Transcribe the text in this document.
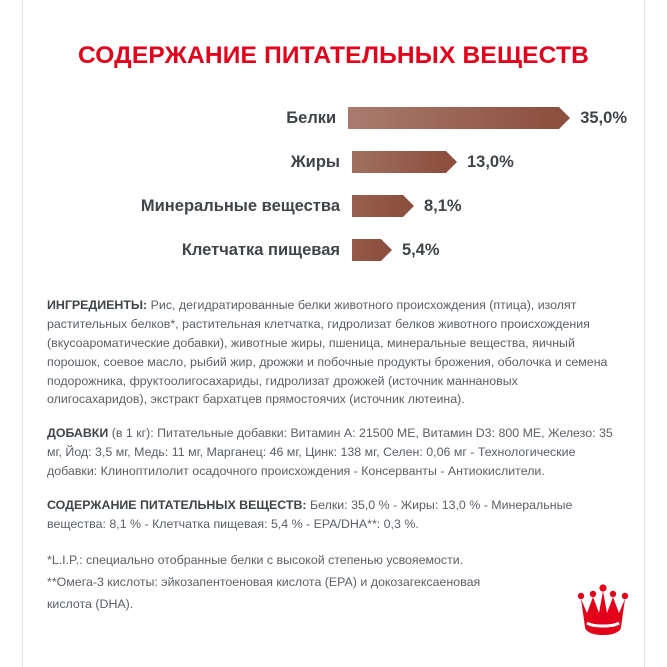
СОДЕРЖАНИЕ ПИТАТЕЛЬНЫХ ВЕЩЕСТВ
Белки	35,0%
Жиры	13,0%
Минеральные вещества	8,1%
Клетчатка пищевая	5,4%
ИНГРЕДИЕНТЫ: Рис, дегидратированные белки животного происхождения (птица), изолят растительных белков*, растительная клетчатка, гидролизат белков животного происхождения (вкусоароматические добавки), животные жиры, пшеница, минеральные вещества, яичный порошок, соевое масло, рыбий жир, дрожжи и побочные продукты брожения, оболочка и семена подорожника, фруктоолигосахариды, гидролизат дрожжей (источник маннановых олигосахаридов), экстракт бархатцев прямостоячих (источник лютеина).
ДОБАВКИ (в 1 кг): Питательные добавки: Витамин A: 21500 МЕ, Витамин D3: 800 МЕ, Железо: 35 мг, Йод: 3,5 мг, Медь: 11 мг, Марганец: 46 мг, Цинк: 138 мг, Селен: 0,06 мг - Технологические добавки: Клиноптилолит осадочного происхождения - Консерванты - Антиокислители.
СОДЕРЖАНИЕ ПИТАТЕЛЬНЫХ ВЕЩЕСТВ: Белки: 35,0 % - Жиры: 13,0 % - Минеральные вещества: 8,1 % - Клетчатка пищевая: 5,4 % - EPA/DHA**: 0,3 %.
*L.I.P.: специально отобранные белки с высокой степенью усвояемости.
**Омега-3 кислоты: эйкозапентоеновая кислота (EPA) и докозагексаеновая
кислота (DHA).
